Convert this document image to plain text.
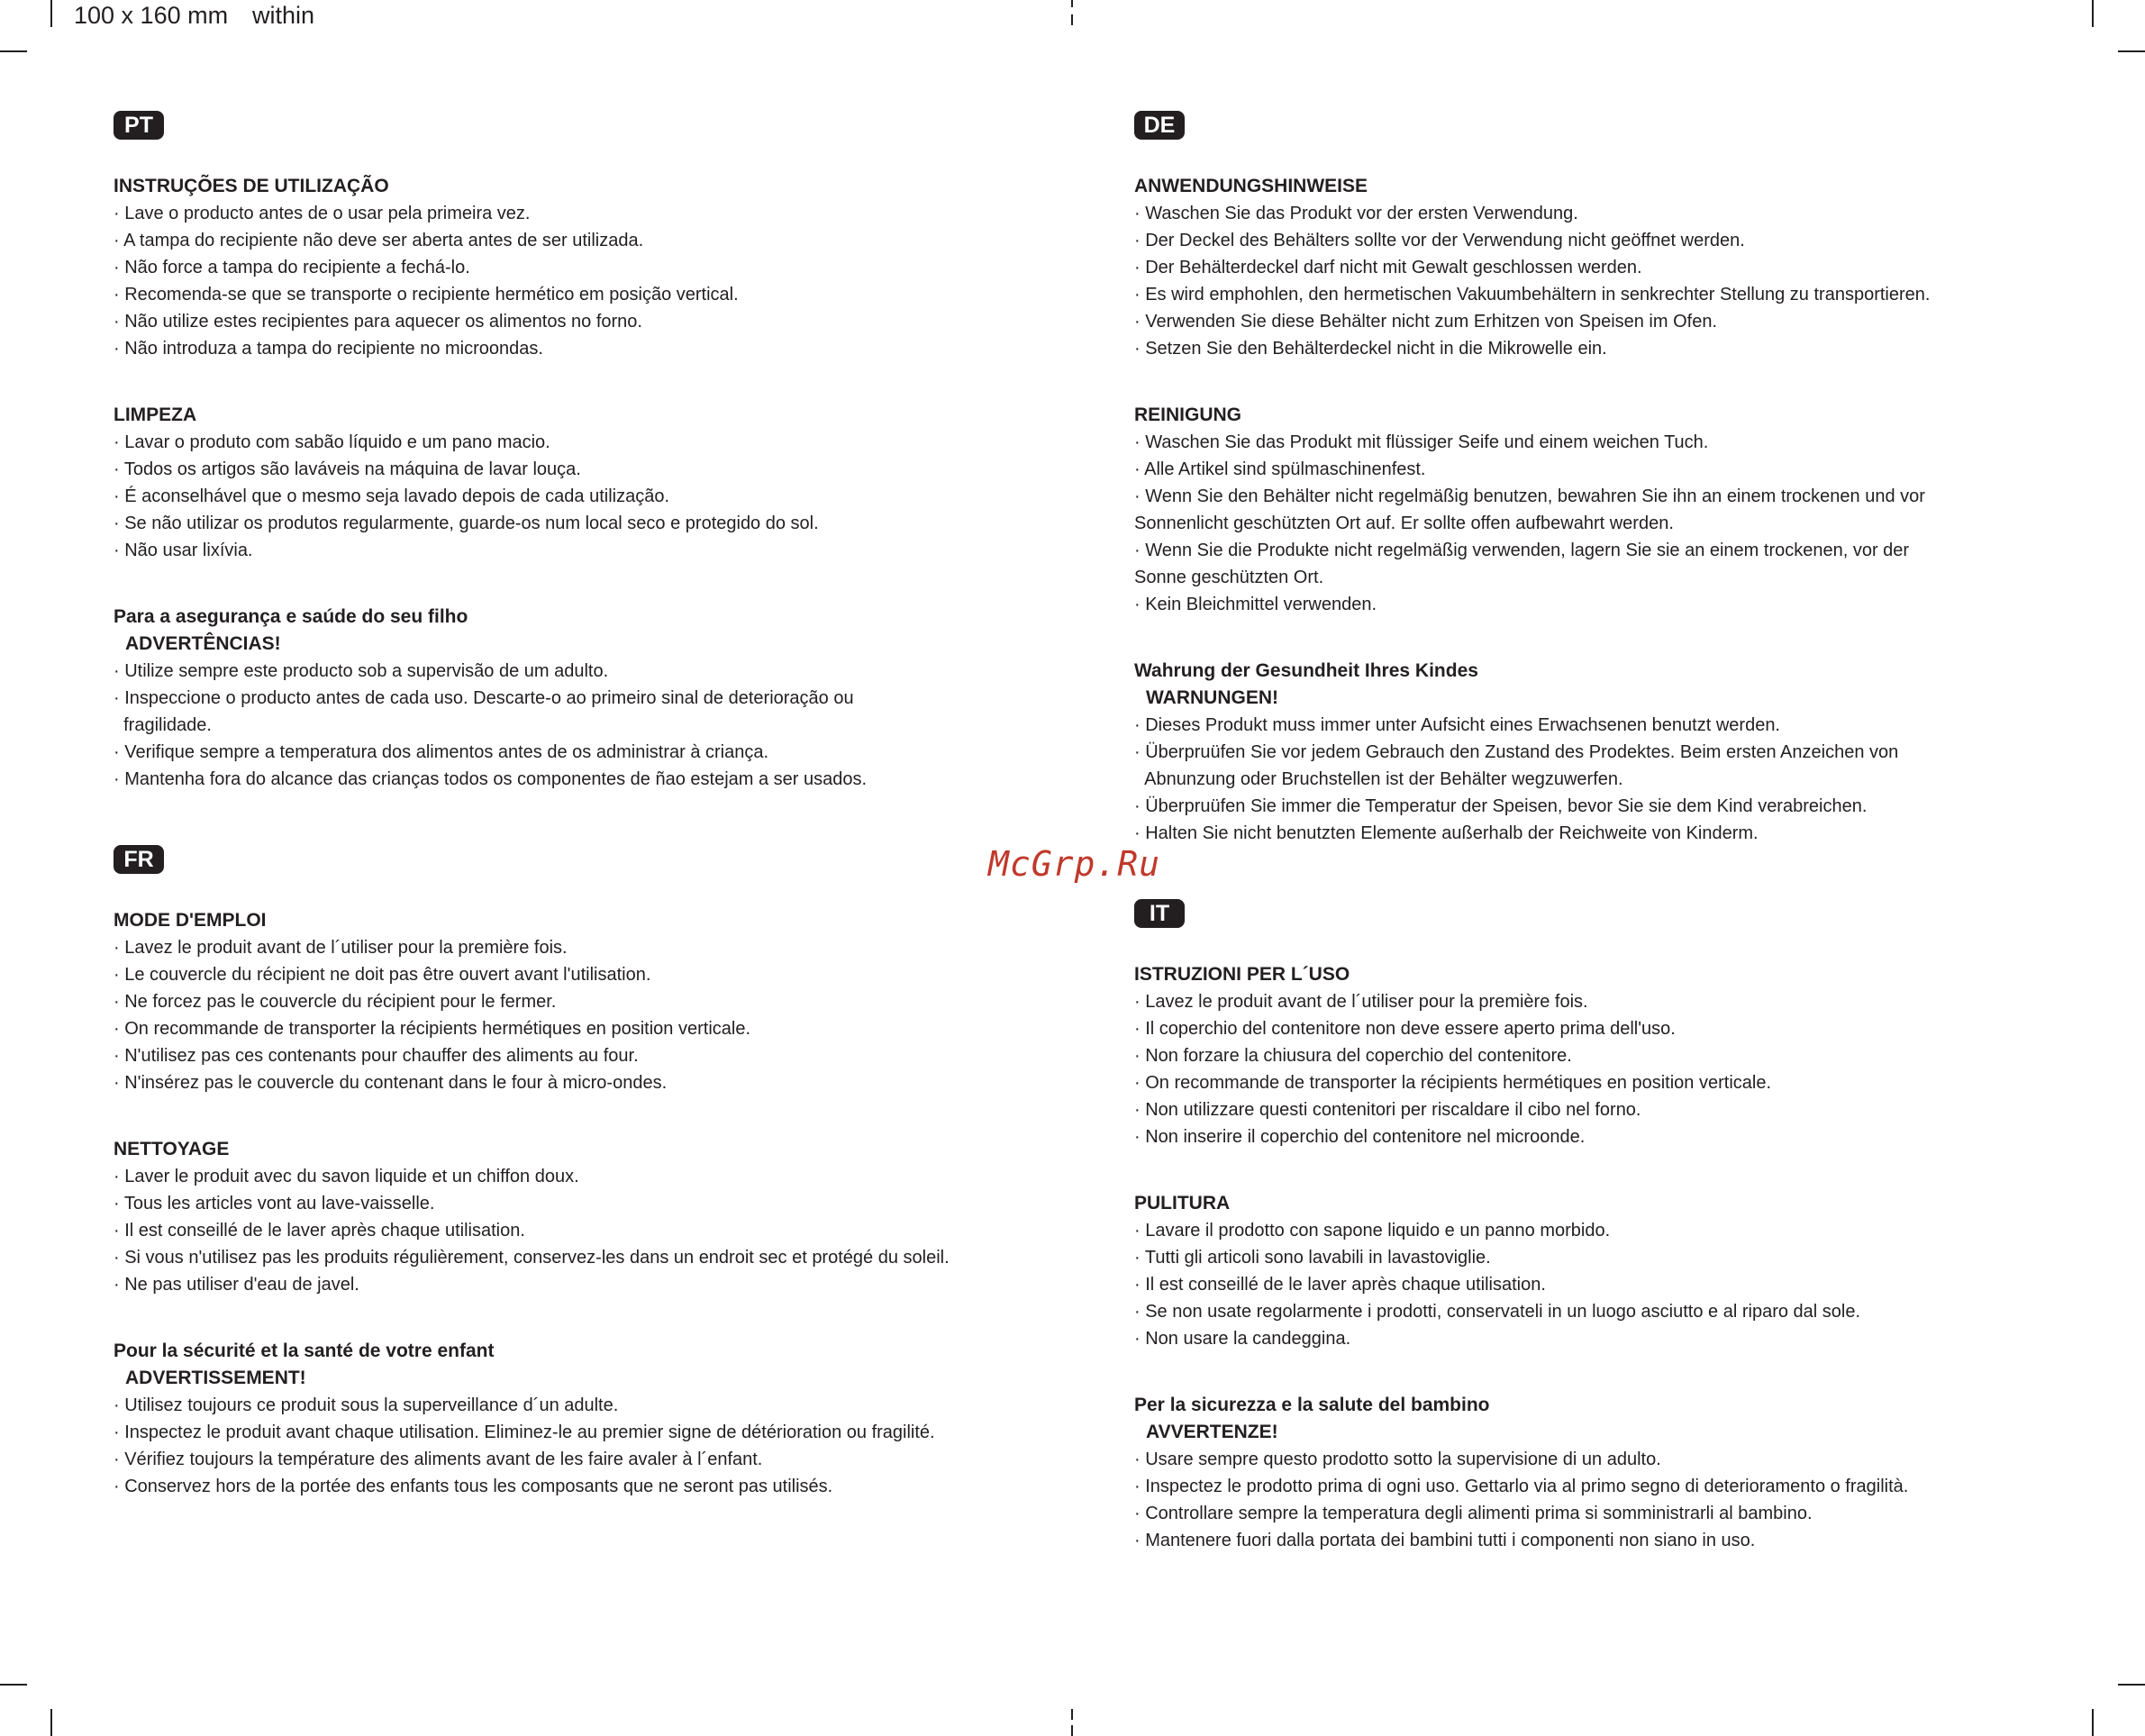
100 x 160 mm within
PT
INSTRUÇÕES DE UTILIZAÇÃO
· Lave o producto antes de o usar pela primeira vez.
· A tampa do recipiente não deve ser aberta antes de ser utilizada.
· Não force a tampa do recipiente a fechá-lo.
· Recomenda-se que se transporte o recipiente hermético em posição vertical.
· Não utilize estes recipientes para aquecer os alimentos no forno.
· Não introduza a tampa do recipiente no microondas.
LIMPEZA
· Lavar o produto com sabão líquido e um pano macio.
· Todos os artigos são laváveis na máquina de lavar louça.
· É aconselhável que o mesmo seja lavado depois de cada utilização.
· Se não utilizar os produtos regularmente, guarde-os num local seco e protegido do sol.
· Não usar lixívia.
Para a asegurança e saúde do seu filho
ADVERTÊNCIAS!
· Utilize sempre este producto sob a supervisão de um adulto.
· Inspeccione o producto antes de cada uso. Descarte-o ao primeiro sinal de deterioração ou
fragilidade.
· Verifique sempre a temperatura dos alimentos antes de os administrar à criança.
· Mantenha fora do alcance das crianças todos os componentes de ñao estejam a ser usados.
FR
MODE D'EMPLOI
· Lavez le produit avant de l´utiliser pour la première fois.
· Le couvercle du récipient ne doit pas être ouvert avant l'utilisation.
· Ne forcez pas le couvercle du récipient pour le fermer.
· On recommande de transporter la récipients hermétiques en position verticale.
· N'utilisez pas ces contenants pour chauffer des aliments au four.
· N'insérez pas le couvercle du contenant dans le four à micro-ondes.
NETTOYAGE
· Laver le produit avec du savon liquide et un chiffon doux.
· Tous les articles vont au lave-vaisselle.
· Il est conseillé de le laver après chaque utilisation.
· Si vous n'utilisez pas les produits régulièrement, conservez-les dans un endroit sec et protégé du soleil.
· Ne pas utiliser d'eau de javel.
Pour la sécurité et la santé de votre enfant
ADVERTISSEMENT!
· Utilisez toujours ce produit sous la superveillance d´un adulte.
· Inspectez le produit avant chaque utilisation. Eliminez-le au premier signe de détérioration ou fragilité.
· Vérifiez toujours la température des aliments avant de les faire avaler à l´enfant.
· Conservez hors de la portée des enfants tous les composants que ne seront pas utilisés.
DE
ANWENDUNGSHINWEISE
· Waschen Sie das Produkt vor der ersten Verwendung.
· Der Deckel des Behälters sollte vor der Verwendung nicht geöffnet werden.
· Der Behälterdeckel darf nicht mit Gewalt geschlossen werden.
· Es wird emphohlen, den hermetischen Vakuumbehältern in senkrechter Stellung zu transportieren.
· Verwenden Sie diese Behälter nicht zum Erhitzen von Speisen im Ofen.
· Setzen Sie den Behälterdeckel nicht in die Mikrowelle ein.
REINIGUNG
· Waschen Sie das Produkt mit flüssiger Seife und einem weichen Tuch.
· Alle Artikel sind spülmaschinenfest.
· Wenn Sie den Behälter nicht regelmäßig benutzen, bewahren Sie ihn an einem trockenen und vor
Sonnenlicht geschützten Ort auf. Er sollte offen aufbewahrt werden.
· Wenn Sie die Produkte nicht regelmäßig verwenden, lagern Sie sie an einem trockenen, vor der
Sonne geschützten Ort.
· Kein Bleichmittel verwenden.
Wahrung der Gesundheit Ihres Kindes
WARNUNGEN!
· Dieses Produkt muss immer unter Aufsicht eines Erwachsenen benutzt werden.
· Überpruüfen Sie vor jedem Gebrauch den Zustand des Prodektes. Beim ersten Anzeichen von
Abnunzung oder Bruchstellen ist der Behälter wegzuwerfen.
· Überpruüfen Sie immer die Temperatur der Speisen, bevor Sie sie dem Kind verabreichen.
· Halten Sie nicht benutzten Elemente außerhalb der Reichweite von Kinderm.
IT
ISTRUZIONI PER L´USO
· Lavez le produit avant de l´utiliser pour la première fois.
· Il coperchio del contenitore non deve essere aperto prima dell'uso.
· Non forzare la chiusura del coperchio del contenitore.
· On recommande de transporter la récipients hermétiques en position verticale.
· Non utilizzare questi contenitori per riscaldare il cibo nel forno.
· Non inserire il coperchio del contenitore nel microonde.
PULITURA
· Lavare il prodotto con sapone liquido e un panno morbido.
· Tutti gli articoli sono lavabili in lavastoviglie.
· Il est conseillé de le laver après chaque utilisation.
· Se non usate regolarmente i prodotti, conservateli in un luogo asciutto e al riparo dal sole.
· Non usare la candeggina.
Per la sicurezza e la salute del bambino
AVVERTENZE!
· Usare sempre questo prodotto sotto la supervisione di un adulto.
· Inspectez le prodotto prima di ogni uso. Gettarlo via al primo segno di deterioramento o fragilità.
· Controllare sempre la temperatura degli alimenti prima si somministrarli al bambino.
· Mantenere fuori dalla portata dei bambini tutti i componenti non siano in uso.
McGrp.Ru
